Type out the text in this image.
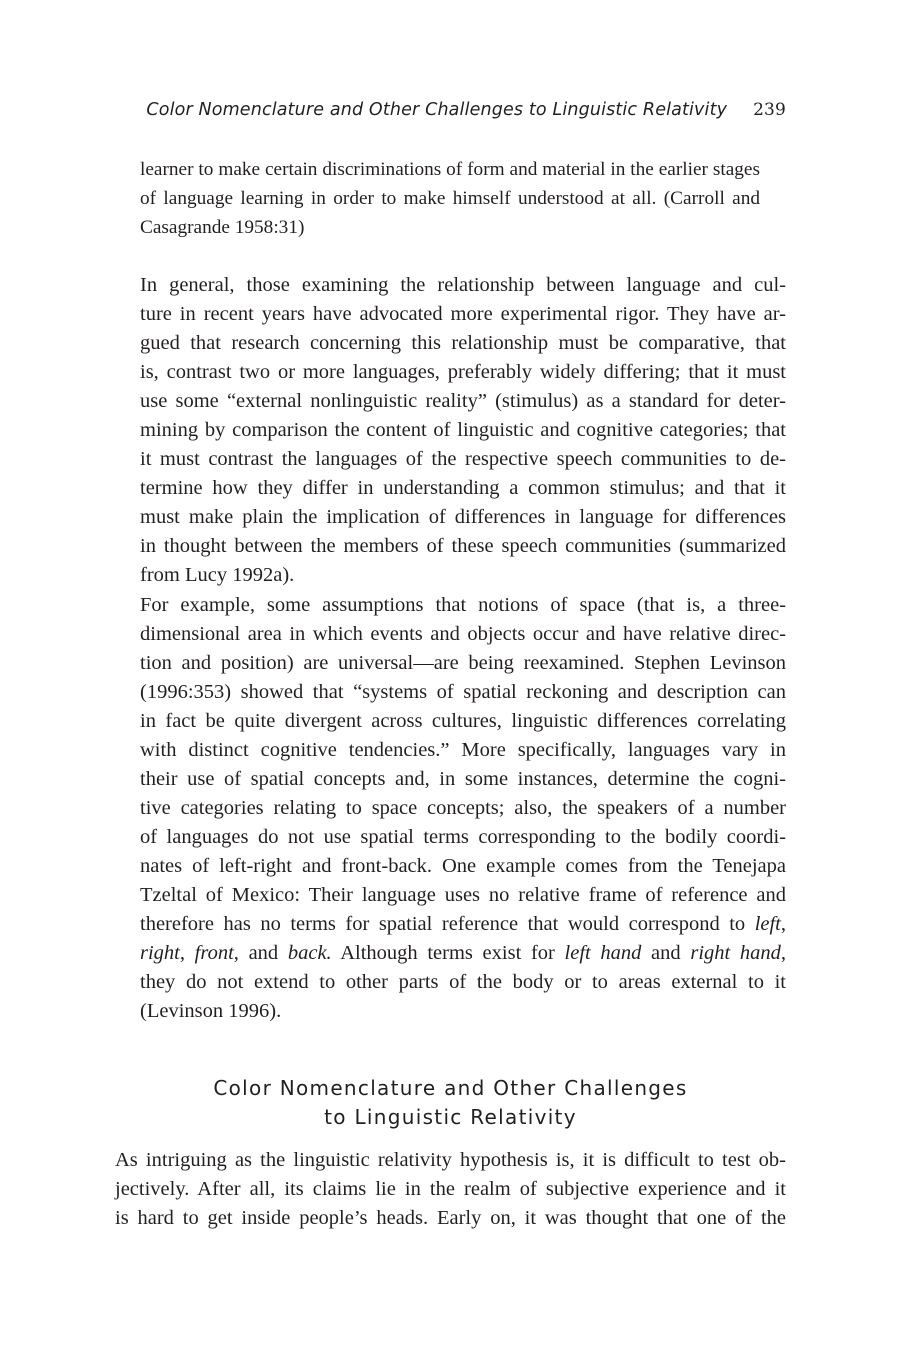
Color Nomenclature and Other Challenges to Linguistic Relativity 239
learner to make certain discriminations of form and material in the earlier stages of language learning in order to make himself understood at all. (Carroll and Casagrande 1958:31)

In general, those examining the relationship between language and cul-
ture in recent years have advocated more experimental rigor. They have ar-
gued that research concerning this relationship must be comparative, that
is, contrast two or more languages, preferably widely differing; that it must
use some “external nonlinguistic reality” (stimulus) as a standard for deter-
mining by comparison the content of linguistic and cognitive categories; that
it must contrast the languages of the respective speech communities to de-
termine how they differ in understanding a common stimulus; and that it
must make plain the implication of differences in language for differences
in thought between the members of these speech communities (summarized
from Lucy 1992a).

For example, some assumptions that notions of space (that is, a three-
dimensional area in which events and objects occur and have relative direc-
tion and position) are universal—are being reexamined. Stephen Levinson
(1996:353) showed that “systems of spatial reckoning and description can
in fact be quite divergent across cultures, linguistic differences correlating
with distinct cognitive tendencies.” More specifically, languages vary in
their use of spatial concepts and, in some instances, determine the cogni-
tive categories relating to space concepts; also, the speakers of a number
of languages do not use spatial terms corresponding to the bodily coordi-
nates of left-right and front-back. One example comes from the Tenejapa
Tzeltal of Mexico: Their language uses no relative frame of reference and
therefore has no terms for spatial reference that would correspond to left,
right, front, and back. Although terms exist for left hand and right hand,
they do not extend to other parts of the body or to areas external to it
(Levinson 1996).

Color Nomenclature and Other Challenges
to Linguistic Relativity
As intriguing as the linguistic relativity hypothesis is, it is difficult to test ob-
jectively. After all, its claims lie in the realm of subjective experience and it
is hard to get inside people’s heads. Early on, it was thought that one of the
